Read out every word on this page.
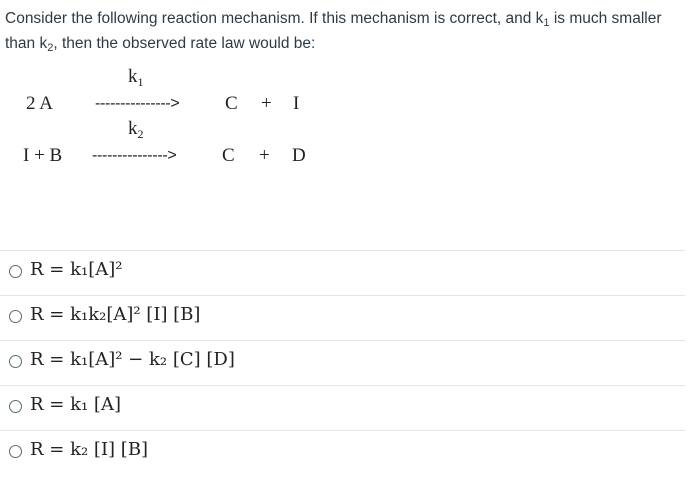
Consider the following reaction mechanism. If this mechanism is correct, and $k_1$ is much smaller
than $k_2$, then the observed rate law would be:
$k_1$
2 A	---------------> C + I
$k_2$
I + B ---------------> C + D
R = k₁[A]²
R = k₁k₂[A]² [I] [B]
R = k₁[A]² − k₂ [C] [D]
R = k₁ [A]
R = k₂ [I] [B]
